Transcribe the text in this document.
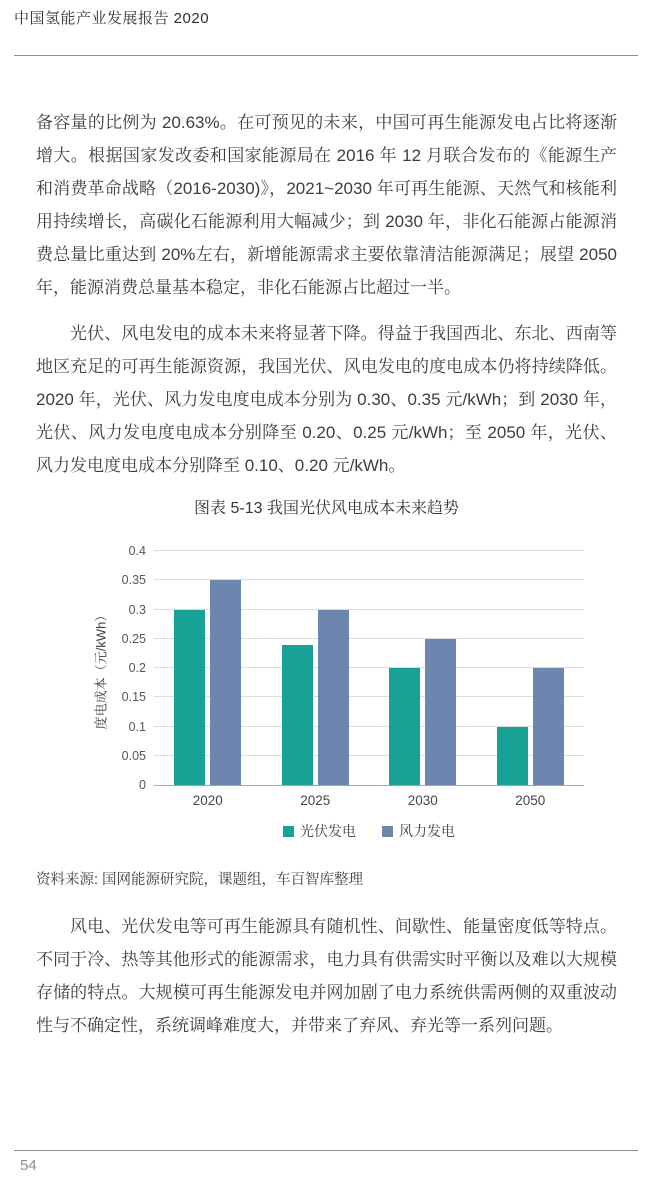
中国氢能产业发展报告 2020

备容量的比例为 20.63%。在可预见的未来，中国可再生能源发电占比将逐渐增大。根据国家发改委和国家能源局在 2016 年 12 月联合发布的《能源生产和消费革命战略（2016-2030)》，2021~2030 年可再生能源、天然气和核能利用持续增长，高碳化石能源利用大幅减少；到 2030 年，非化石能源占能源消费总量比重达到 20%左右，新增能源需求主要依靠清洁能源满足；展望 2050 年，能源消费总量基本稳定，非化石能源占比超过一半。

光伏、风电发电的成本未来将显著下降。得益于我国西北、东北、西南等地区充足的可再生能源资源，我国光伏、风电发电的度电成本仍将持续降低。2020 年，光伏、风力发电度电成本分别为 0.30、0.35 元/kWh；到 2030 年，光伏、风力发电度电成本分别降至 0.20、0.25 元/kWh；至 2050 年，光伏、风力发电度电成本分别降至 0.10、0.20 元/kWh。

图表 5-13 我国光伏风电成本未来趋势
度电成本（元/kWh）
0
0.05
0.1
0.15
0.2
0.25
0.3
0.35
0.4
2020	2025	2030	2050
光伏发电	风力发电

资料来源: 国网能源研究院，课题组，车百智库整理

风电、光伏发电等可再生能源具有随机性、间歇性、能量密度低等特点。不同于冷、热等其他形式的能源需求，电力具有供需实时平衡以及难以大规模存储的特点。大规模可再生能源发电并网加剧了电力系统供需两侧的双重波动性与不确定性，系统调峰难度大，并带来了弃风、弃光等一系列问题。

54
